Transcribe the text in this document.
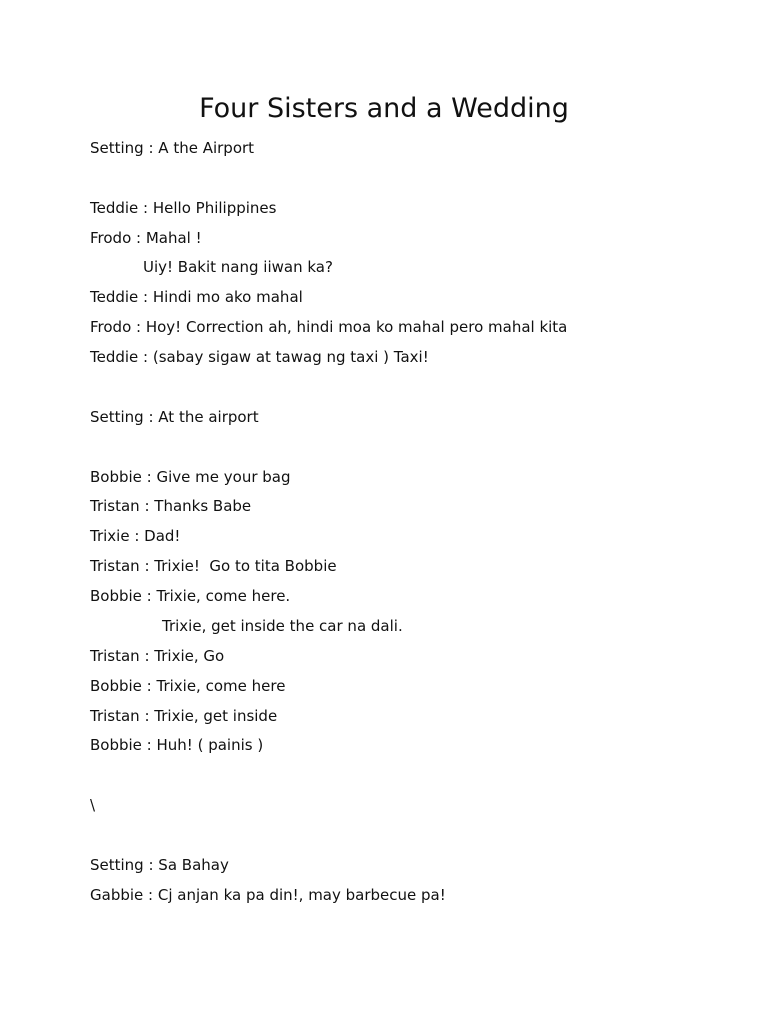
Four Sisters and a Wedding
Setting : A the Airport
Teddie : Hello Philippines
Frodo : Mahal !
Uiy! Bakit nang iiwan ka?
Teddie : Hindi mo ako mahal
Frodo : Hoy! Correction ah, hindi moa ko mahal pero mahal kita
Teddie : (sabay sigaw at tawag ng taxi ) Taxi!
Setting : At the airport
Bobbie : Give me your bag
Tristan : Thanks Babe
Trixie : Dad!
Tristan : Trixie!  Go to tita Bobbie
Bobbie : Trixie, come here.
Trixie, get inside the car na dali.
Tristan : Trixie, Go
Bobbie : Trixie, come here
Tristan : Trixie, get inside
Bobbie : Huh! ( painis )
\
Setting : Sa Bahay
Gabbie : Cj anjan ka pa din!, may barbecue pa!
